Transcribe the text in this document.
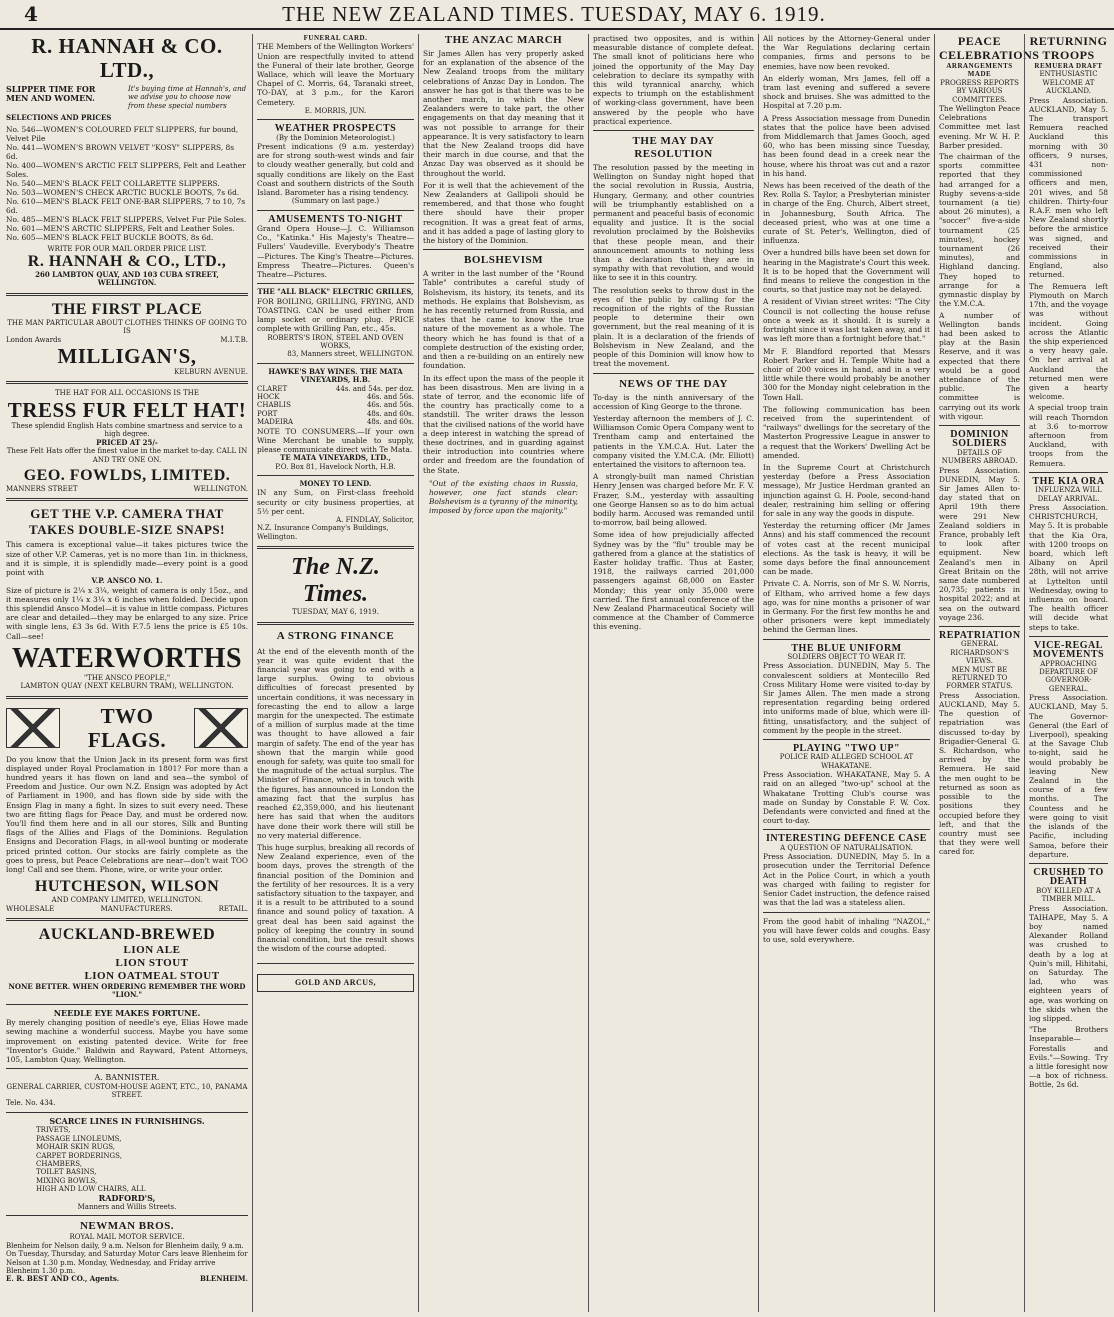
4	THE NEW ZEALAND TIMES. TUESDAY, MAY 6. 1919.
R. HANNAH & CO. LTD.,
SLIPPER TIME FOR MEN AND WOMEN.
It's buying time at Hannah's, and we advise you to choose now from these special numbers
SELECTIONS AND PRICES
No. 546—WOMEN'S COLOURED FELT SLIPPERS, fur bound, Velvet Pile
No. 441—WOMEN'S BROWN VELVET "KOSY" SLIPPERS, 8s 6d.
No. 400—WOMEN'S ARCTIC FELT SLIPPERS, Felt and Leather Soles.
No. 540—MEN'S BLACK FELT COLLARETTE SLIPPERS.
No. 503—WOMEN'S CHECK ARCTIC BUCKLE BOOTS, 7s 6d.
No. 610—MEN'S BLACK FELT ONE-BAR SLIPPERS, 7 to 10, 7s 6d.
No. 485—MEN'S BLACK FELT SLIPPERS, Velvet Fur Pile Soles.
No. 601—MEN'S ARCTIC SLIPPERS, Felt and Leather Soles.
No. 605—MEN'S BLACK FELT BUCKLE BOOTS, 8s 6d.
WRITE FOR OUR MAIL ORDER PRICE LIST.
R. HANNAH & CO., LTD.,
260 LAMBTON QUAY, AND 103 CUBA STREET, WELLINGTON.
THE FIRST PLACE
THE MAN PARTICULAR ABOUT CLOTHES THINKS OF GOING TO IS
London Awards	M.I.T.B.
MILLIGAN'S,
KELBURN AVENUE.
THE HAT FOR ALL OCCASIONS IS THE
TRESS FUR FELT HAT!
These splendid English Hats combine smartness and service to a high degree.
PRICED AT 25/-
These Felt Hats offer the finest value in the market to-day. CALL IN AND TRY ONE ON.
GEO. FOWLDS, LIMITED.
MANNERS STREET	WELLINGTON.
GET THE V.P. CAMERA THAT TAKES DOUBLE-SIZE SNAPS!
This camera is exceptional value—it takes pictures twice the size of other V.P. Cameras, yet is no more than 1in. in thickness, and it is simple, it is splendidly made—every point is a good point with
V.P. ANSCO NO. 1.
Size of picture is 2¼ x 3¼, weight of camera is only 15oz., and it measures only 1¼ x 3¼ x 6 inches when folded. Decide upon this splendid Ansco Model—it is value in little compass. Pictures are clear and detailed—they may be enlarged to any size. Price with single lens, £3 3s 6d. With F.7.5 lens the price is £5 10s. Call—see!
WATERWORTHS
"THE ANSCO PEOPLE,"
LAMBTON QUAY (NEXT KELBURN TRAM), WELLINGTON.
TWO FLAGS.
Do you know that the Union Jack in its present form was first displayed under Royal Proclamation in 1801? For more than a hundred years it has flown on land and sea—the symbol of Freedom and Justice. Our own N.Z. Ensign was adopted by Act of Parliament in 1900, and has flown side by side with the Ensign Flag in many a fight. In sizes to suit every need. These two are fitting flags for Peace Day, and must be ordered now. You'll find them here and in all our stores, Silk and Bunting flags of the Allies and Flags of the Dominions. Regulation Ensigns and Decoration Flags, in all-wool bunting or moderate priced printed cotton. Our stocks are fairly complete as the goes to press, but Peace Celebrations are near—don't wait TOO long! Call and see them. Phone, wire, or write your order.
HUTCHESON, WILSON
AND COMPANY LIMITED, WELLINGTON.
WHOLESALE	MANUFACTURERS.	RETAIL.
AUCKLAND-BREWED
LION ALE
LION STOUT
LION OATMEAL STOUT
NONE BETTER. WHEN ORDERING REMEMBER THE WORD "LION."
NEEDLE EYE MAKES FORTUNE.
By merely changing position of needle's eye, Elias Howe made sewing machine a wonderful success. Maybe you have some improvement on existing patented device. Write for free "Inventor's Guide." Baldwin and Rayward, Patent Attorneys, 105, Lambton Quay, Wellington.
A. BANNISTER.
GENERAL CARRIER, CUSTOM-HOUSE AGENT, ETC., 10, PANAMA STREET.
Tele. No. 434.
SCARCE LINES IN FURNISHINGS.
TRIVETS,
PASSAGE LINOLEUMS,
MOHAIR SKIN RUGS,
CARPET BORDERINGS,
CHAMBERS,
TOILET BASINS,
MIXING BOWLS,
HIGH AND LOW CHAIRS, ALL
RADFORD'S,
Manners and Willis Streets.
NEWMAN BROS.
ROYAL MAIL MOTOR SERVICE.
Blenheim for Nelson daily, 9 a.m. Nelson for Blenheim daily, 9 a.m. On Tuesday, Thursday, and Saturday Motor Cars leave Blenheim for Nelson at 1.30 p.m. Monday, Wednesday, and Friday arrive Blenheim 1.30 p.m.
E. R. BEST AND CO., Agents.	BLENHEIM.
FUNERAL CARD.
THE Members of the Wellington Workers' Union are respectfully invited to attend the Funeral of their late brother, George Wallace, which will leave the Mortuary Chapel of C. Morris, 64, Taranaki street, TO-DAY, at 3 p.m., for the Karori Cemetery.
E. MORRIS, JUN.
WEATHER PROSPECTS
(By the Dominion Meteorologist.)
Present indications (9 a.m. yesterday) are for strong south-west winds and fair to cloudy weather generally, but cold and squally conditions are likely on the East Coast and southern districts of the South Island. Barometer has a rising tendency.
(Summary on last page.)
AMUSEMENTS TO-NIGHT
Grand Opera House—J. C. Williamson Co., "Katinka." His Majesty's Theatre—Fullers' Vaudeville. Everybody's Theatre—Pictures. The King's Theatre—Pictures. Empress Theatre—Pictures. Queen's Theatre—Pictures.
THE "ALL BLACK" ELECTRIC GRILLES,
FOR BOILING, GRILLING, FRYING, AND TOASTING. CAN be used either from lamp socket or ordinary plug. PRICE complete with Grilling Pan, etc., 45s.
ROBERTS'S IRON, STEEL AND OVEN WORKS,
83, Manners street, WELLINGTON.
HAWKE'S BAY WINES. THE MATA VINEYARDS, H.B.
CLARET	44s. and 54s. per doz.
HOCK	46s. and 56s.
CHABLIS	46s. and 56s.
PORT	48s. and 60s.
MADEIRA	48s. and 60s.
NOTE TO CONSUMERS.—If your own Wine Merchant be unable to supply, please communicate direct with Te Mata.
TE MATA VINEYARDS, LTD.,
P.O. Box 81, Havelock North, H.B.
MONEY TO LEND.
IN any Sum, on First-class freehold security or city business properties, at 5½ per cent.
A. FINDLAY, Solicitor,
N.Z. Insurance Company's Buildings, Wellington.
The N.Z. Times.
TUESDAY, MAY 6, 1919.
A STRONG FINANCE
At the end of the eleventh month of the year it was quite evident that the financial year was going to end with a large surplus. Owing to obvious difficulties of forecast presented by uncertain conditions, it was necessary in forecasting the end to allow a large margin for the unexpected. The estimate of a million of surplus made at the time was thought to have allowed a fair margin of safety. The end of the year has shown that the margin while good enough for safety, was quite too small for the magnitude of the actual surplus. The Minister of Finance, who is in touch with the figures, has announced in London the amazing fact that the surplus has reached £2,359,000, and his lieutenant here has said that when the auditors have done their work there will still be no very material difference.
This huge surplus, breaking all records of New Zealand experience, even of the boom days, proves the strength of the financial position of the Dominion and the fertility of her resources. It is a very satisfactory situation to the taxpayer, and it is a result to be attributed to a sound finance and sound policy of taxation. A great deal has been said against the policy of keeping the country in sound financial condition, but the result shows the wisdom of the course adopted.
GOLD AND ARCUS,
THE ANZAC MARCH
Sir James Allen has very properly asked for an explanation of the absence of the New Zealand troops from the military celebrations of Anzac Day in London. The answer he has got is that there was to be another march, in which the New Zealanders were to take part, the other engagements on that day meaning that it was not possible to arrange for their appearance. It is very satisfactory to learn that the New Zealand troops did have their march in due course, and that the Anzac Day was observed as it should be throughout the world.
For it is well that the achievement of the New Zealanders at Gallipoli should be remembered, and that those who fought there should have their proper recognition. It was a great feat of arms, and it has added a page of lasting glory to the history of the Dominion.
BOLSHEVISM
A writer in the last number of the "Round Table" contributes a careful study of Bolshevism, its history, its tenets, and its methods. He explains that Bolshevism, as he has recently returned from Russia, and states that he came to know the true nature of the movement as a whole. The theory which he has found is that of a complete destruction of the existing order, and then a re-building on an entirely new foundation.
In its effect upon the mass of the people it has been disastrous. Men are living in a state of terror, and the economic life of the country has practically come to a standstill. The writer draws the lesson that the civilised nations of the world have a deep interest in watching the spread of these doctrines, and in guarding against their introduction into countries where order and freedom are the foundation of the State.
"Out of the existing chaos in Russia, however, one fact stands clear: Bolshevism is a tyranny of the minority, imposed by force upon the majority."
practised two opposites, and is within measurable distance of complete defeat. The small knot of politicians here who joined the opportunity of the May Day celebration to declare its sympathy with this wild tyrannical anarchy, which expects to triumph on the establishment of working-class government, have been answered by the people who have practical experience.
THE MAY DAY RESOLUTION
The resolution passed by the meeting in Wellington on Sunday night hoped that the social revolution in Russia, Austria, Hungary, Germany, and other countries will be triumphantly established on a permanent and peaceful basis of economic equality and justice. It is the social revolution proclaimed by the Bolsheviks that these people mean, and their announcement amounts to nothing less than a declaration that they are in sympathy with that revolution, and would like to see it in this country.
The resolution seeks to throw dust in the eyes of the public by calling for the recognition of the rights of the Russian people to determine their own government, but the real meaning of it is plain. It is a declaration of the friends of Bolshevism in New Zealand, and the people of this Dominion will know how to treat the movement.
NEWS OF THE DAY
To-day is the ninth anniversary of the accession of King George to the throne.
Yesterday afternoon the members of J. C. Williamson Comic Opera Company went to Trentham camp and entertained the patients in the Y.M.C.A. Hut. Later the company visited the Y.M.C.A. (Mr. Elliott) entertained the visitors to afternoon tea.
A strongly-built man named Christian Henry Jensen was charged before Mr. F. V. Frazer, S.M., yesterday with assaulting one George Hansen so as to do him actual bodily harm. Accused was remanded until to-morrow, bail being allowed.
Some idea of how prejudicially affected Sydney was by the "flu" trouble may be gathered from a glance at the statistics of Easter holiday traffic. Thus at Easter, 1918, the railways carried 201,000 passengers against 68,000 on Easter Monday; this year only 35,000 were carried. The first annual conference of the New Zealand Pharmaceutical Society will commence at the Chamber of Commerce this evening.
All notices by the Attorney-General under the War Regulations declaring certain companies, firms and persons to be enemies, have now been revoked.
An elderly woman, Mrs James, fell off a tram last evening and suffered a severe shock and bruises. She was admitted to the Hospital at 7.20 p.m.
A Press Association message from Dunedin states that the police have been advised from Middlemarch that James Gooch, aged 60, who has been missing since Tuesday, has been found dead in a creek near the house, where his throat was cut and a razor in his hand.
News has been received of the death of the Rev. Rolla S. Taylor, a Presbyterian minister in charge of the Eng. Church, Albert street, in Johannesburg, South Africa. The deceased priest, who was at one time a curate of St. Peter's, Wellington, died of influenza.
Over a hundred bills have been set down for hearing in the Magistrate's Court this week. It is to be hoped that the Government will find means to relieve the congestion in the courts, so that justice may not be delayed.
A resident of Vivian street writes: "The City Council is not collecting the house refuse once a week as it should. It is surely a fortnight since it was last taken away, and it was left more than a fortnight before that."
Mr F. Blandford reported that Messrs Robert Parker and H. Temple White had a choir of 200 voices in hand, and in a very little while there would probably be another 300 for the Monday night celebration in the Town Hall.
The following communication has been received from the superintendent of "railways" dwellings for the secretary of the Masterton Progressive League in answer to a request that the Workers' Dwelling Act be amended.
In the Supreme Court at Christchurch yesterday (before a Press Association message), Mr Justice Herdman granted an injunction against G. H. Poole, second-hand dealer, restraining him selling or offering for sale in any way the goods in dispute.
Yesterday the returning officer (Mr James Anns) and his staff commenced the recount of votes cast at the recent municipal elections. As the task is heavy, it will be some days before the final announcement can be made.
Private C. A. Norris, son of Mr S. W. Norris, of Eltham, who arrived home a few days ago, was for nine months a prisoner of war in Germany. For the first few months he and other prisoners were kept immediately behind the German lines.
THE BLUE UNIFORM
SOLDIERS OBJECT TO WEAR IT.
Press Association. DUNEDIN, May 5. The convalescent soldiers at Montecillo Red Cross Military Home were visited to-day by Sir James Allen. The men made a strong representation regarding being ordered into uniforms made of blue, which were ill-fitting, unsatisfactory, and the subject of comment by the people in the street.
PLAYING "TWO UP"
POLICE RAID ALLEGED SCHOOL AT WHAKATANE.
Press Association. WHAKATANE, May 5. A raid on an alleged "two-up" school at the Whakatane Trotting Club's course was made on Sunday by Constable F. W. Cox. Defendants were convicted and fined at the court to-day.
INTERESTING DEFENCE CASE
A QUESTION OF NATURALISATION.
Press Association. DUNEDIN, May 5. In a prosecution under the Territorial Defence Act in the Police Court, in which a youth was charged with failing to register for Senior Cadet instruction, the defence raised was that the lad was a stateless alien.
From the good habit of inhaling "NAZOL," you will have fewer colds and coughs. Easy to use, sold everywhere.
PEACE CELEBRATIONS
ARRANGEMENTS MADE
PROGRESS REPORTS BY VARIOUS COMMITTEES.
The Wellington Peace Celebrations Committee met last evening. Mr W. H. P. Barber presided.
The chairman of the sports committee reported that they had arranged for a Rugby sevens-a-side tournament (a tie) about 26 minutes), a "soccer" five-a-side tournament (25 minutes), hockey tournament (26 minutes), and Highland dancing. They hoped to arrange for a gymnastic display by the Y.M.C.A.
A number of Wellington bands had been asked to play at the Basin Reserve, and it was expected that there would be a good attendance of the public. The committee is carrying out its work with vigour.
DOMINION SOLDIERS
DETAILS OF NUMBERS ABROAD.
Press Association. DUNEDIN, May 5. Sir James Allen to-day stated that on April 19th there were 291 New Zealand soldiers in France, probably left to look after equipment. New Zealand's men in Great Britain on the same date numbered 20,735; patients in hospital 2022; and at sea on the outward voyage 236.
REPATRIATION
GENERAL RICHARDSON'S VIEWS.
MEN MUST BE RETURNED TO FORMER STATUS.
Press Association. AUCKLAND, May 5. The question of repatriation was discussed to-day by Brigadier-General G. S. Richardson, who arrived by the Remuera. He said the men ought to be returned as soon as possible to the positions they occupied before they left, and that the country must see that they were well cared for.
RETURNING TROOPS
REMUERA DRAFT
ENTHUSIASTIC WELCOME AT AUCKLAND.
Press Association. AUCKLAND, May 5. The transport Remuera reached Auckland this morning with 30 officers, 9 nurses, 431 non-commissioned officers and men, 201 wives, and 58 children. Thirty-four R.A.F. men who left New Zealand shortly before the armistice was signed, and received their commissions in England, also returned.
The Remuera left Plymouth on March 17th, and the voyage was without incident. Going across the Atlantic the ship experienced a very heavy gale. On her arrival at Auckland the returned men were given a hearty welcome.
A special troop train will reach Thorndon at 3.6 to-morrow afternoon from Auckland, with troops from the Remuera.
THE KIA ORA
INFLUENZA WILL DELAY ARRIVAL.
Press Association. CHRISTCHURCH, May 5. It is probable that the Kia Ora, with 1200 troops on board, which left Albany on April 28th, will not arrive at Lyttelton until Wednesday, owing to influenza on board. The health officer will decide what steps to take.
VICE-REGAL MOVEMENTS
APPROACHING DEPARTURE OF GOVERNOR-GENERAL.
Press Association. AUCKLAND, May 5. The Governor-General (the Earl of Liverpool), speaking at the Savage Club to-night, said he would probably be leaving New Zealand in the course of a few months. The Countess and he were going to visit the islands of the Pacific, including Samoa, before their departure.
CRUSHED TO DEATH
BOY KILLED AT A TIMBER MILL.
Press Association. TAIHAPE, May 5. A boy named Alexander Rolland was crushed to death by a log at Quin's mill, Hihitahi, on Saturday. The lad, who was eighteen years of age, was working on the skids when the log slipped.
"The Brothers Inseparable—Forestalls and Evils."—Sowing. Try a little foresight now—a box of richness. Bottle, 2s 6d.
